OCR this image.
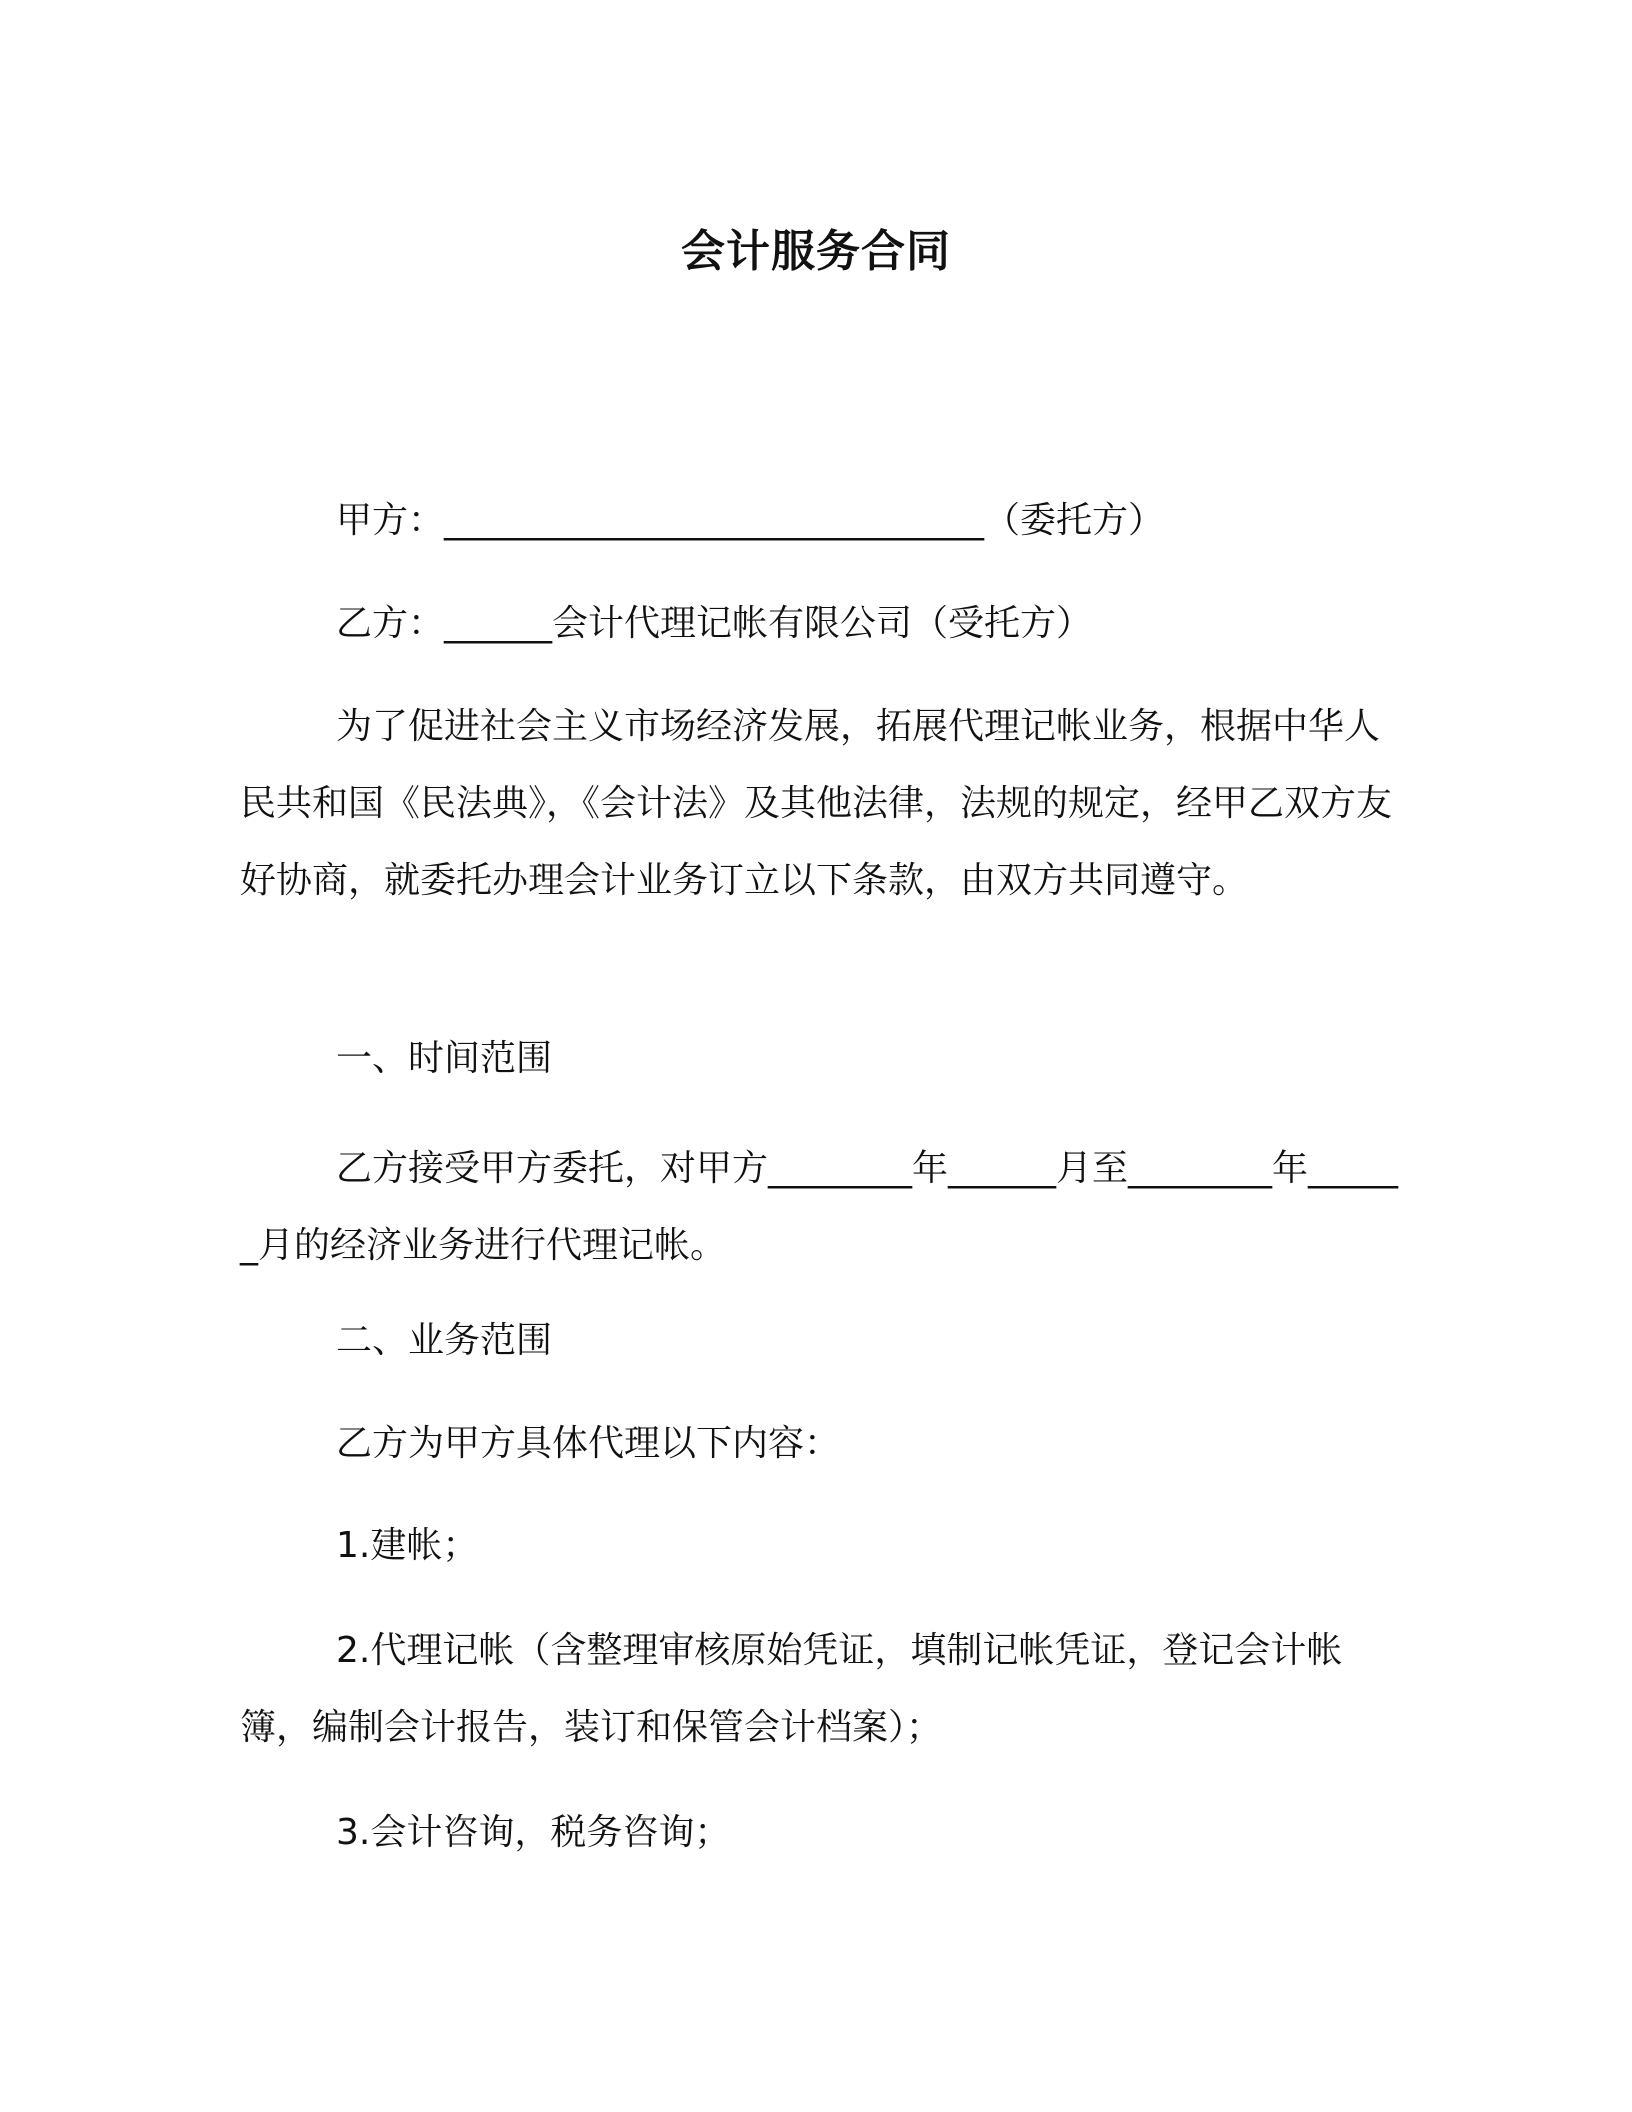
会计服务合同

甲方：______________________________（委托方）

乙方：______会计代理记帐有限公司（受托方）

为了促进社会主义市场经济发展，拓展代理记帐业务，根据中华人民共和国《民法典》，《会计法》及其他法律，法规的规定，经甲乙双方友好协商，就委托办理会计业务订立以下条款，由双方共同遵守。

一、时间范围

乙方接受甲方委托，对甲方________年______月至________年______月的经济业务进行代理记帐。

二、业务范围

乙方为甲方具体代理以下内容：

1.建帐；

2.代理记帐（含整理审核原始凭证，填制记帐凭证，登记会计帐簿，编制会计报告，装订和保管会计档案）；

3.会计咨询，税务咨询；
